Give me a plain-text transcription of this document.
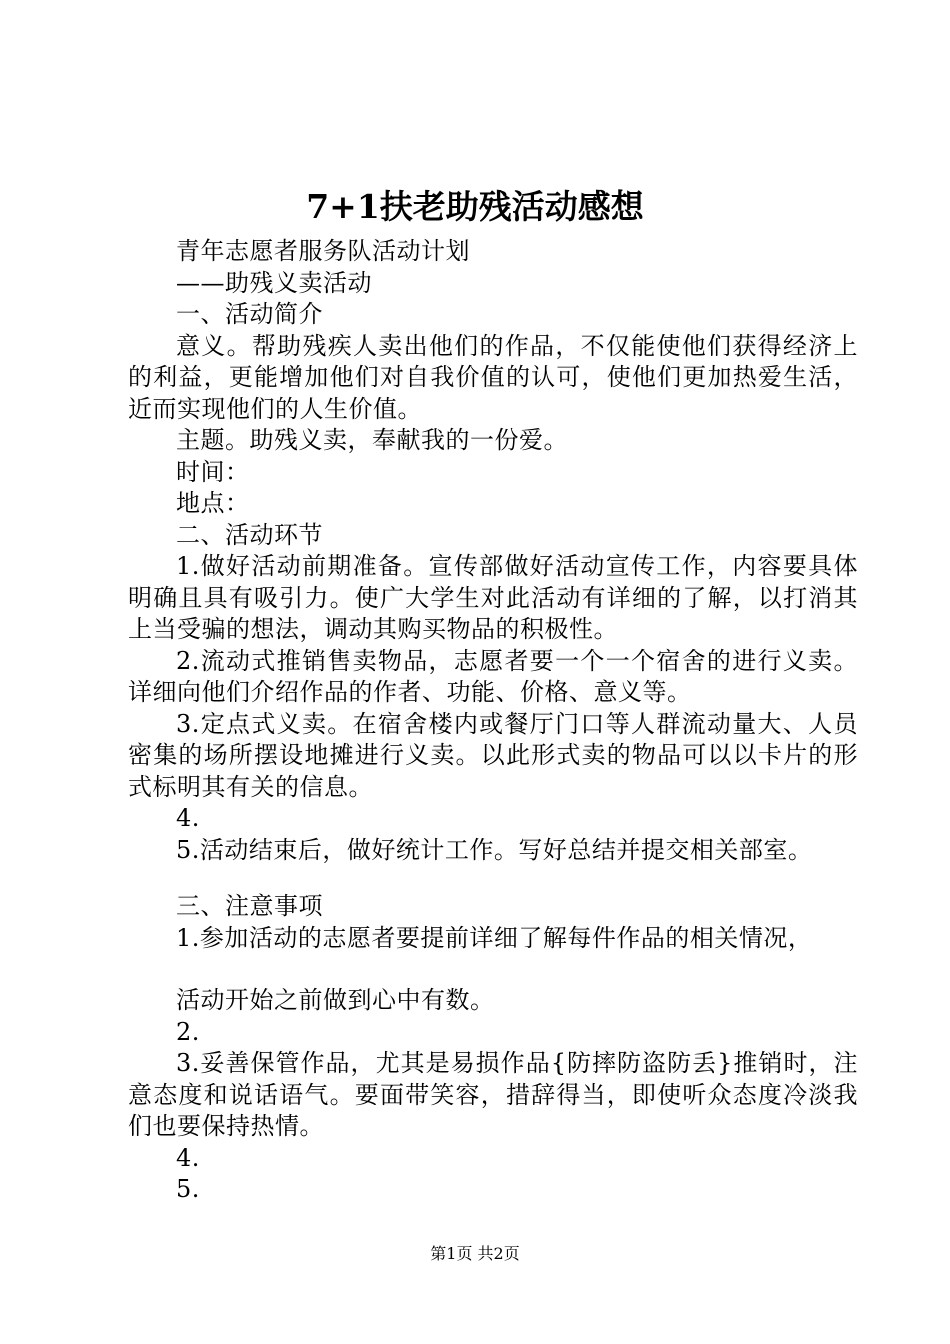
7+1扶老助残活动感想

青年志愿者服务队活动计划

——助残义卖活动

一、活动简介

意义。帮助残疾人卖出他们的作品，不仅能使他们获得经济上的利益，更能增加他们对自我价值的认可，使他们更加热爱生活，近而实现他们的人生价值。

主题。助残义卖，奉献我的一份爱。

时间：

地点：

二、活动环节

1.做好活动前期准备。宣传部做好活动宣传工作，内容要具体明确且具有吸引力。使广大学生对此活动有详细的了解，以打消其上当受骗的想法，调动其购买物品的积极性。

2.流动式推销售卖物品，志愿者要一个一个宿舍的进行义卖。详细向他们介绍作品的作者、功能、价格、意义等。

3.定点式义卖。在宿舍楼内或餐厅门口等人群流动量大、人员密集的场所摆设地摊进行义卖。以此形式卖的物品可以以卡片的形式标明其有关的信息。

4.

5.活动结束后，做好统计工作。写好总结并提交相关部室。

三、注意事项

1.参加活动的志愿者要提前详细了解每件作品的相关情况，

活动开始之前做到心中有数。

2.

3.妥善保管作品，尤其是易损作品{防摔防盗防丢}推销时，注意态度和说话语气。要面带笑容，措辞得当，即使听众态度冷淡我们也要保持热情。

4.

5.

第1页 共2页
